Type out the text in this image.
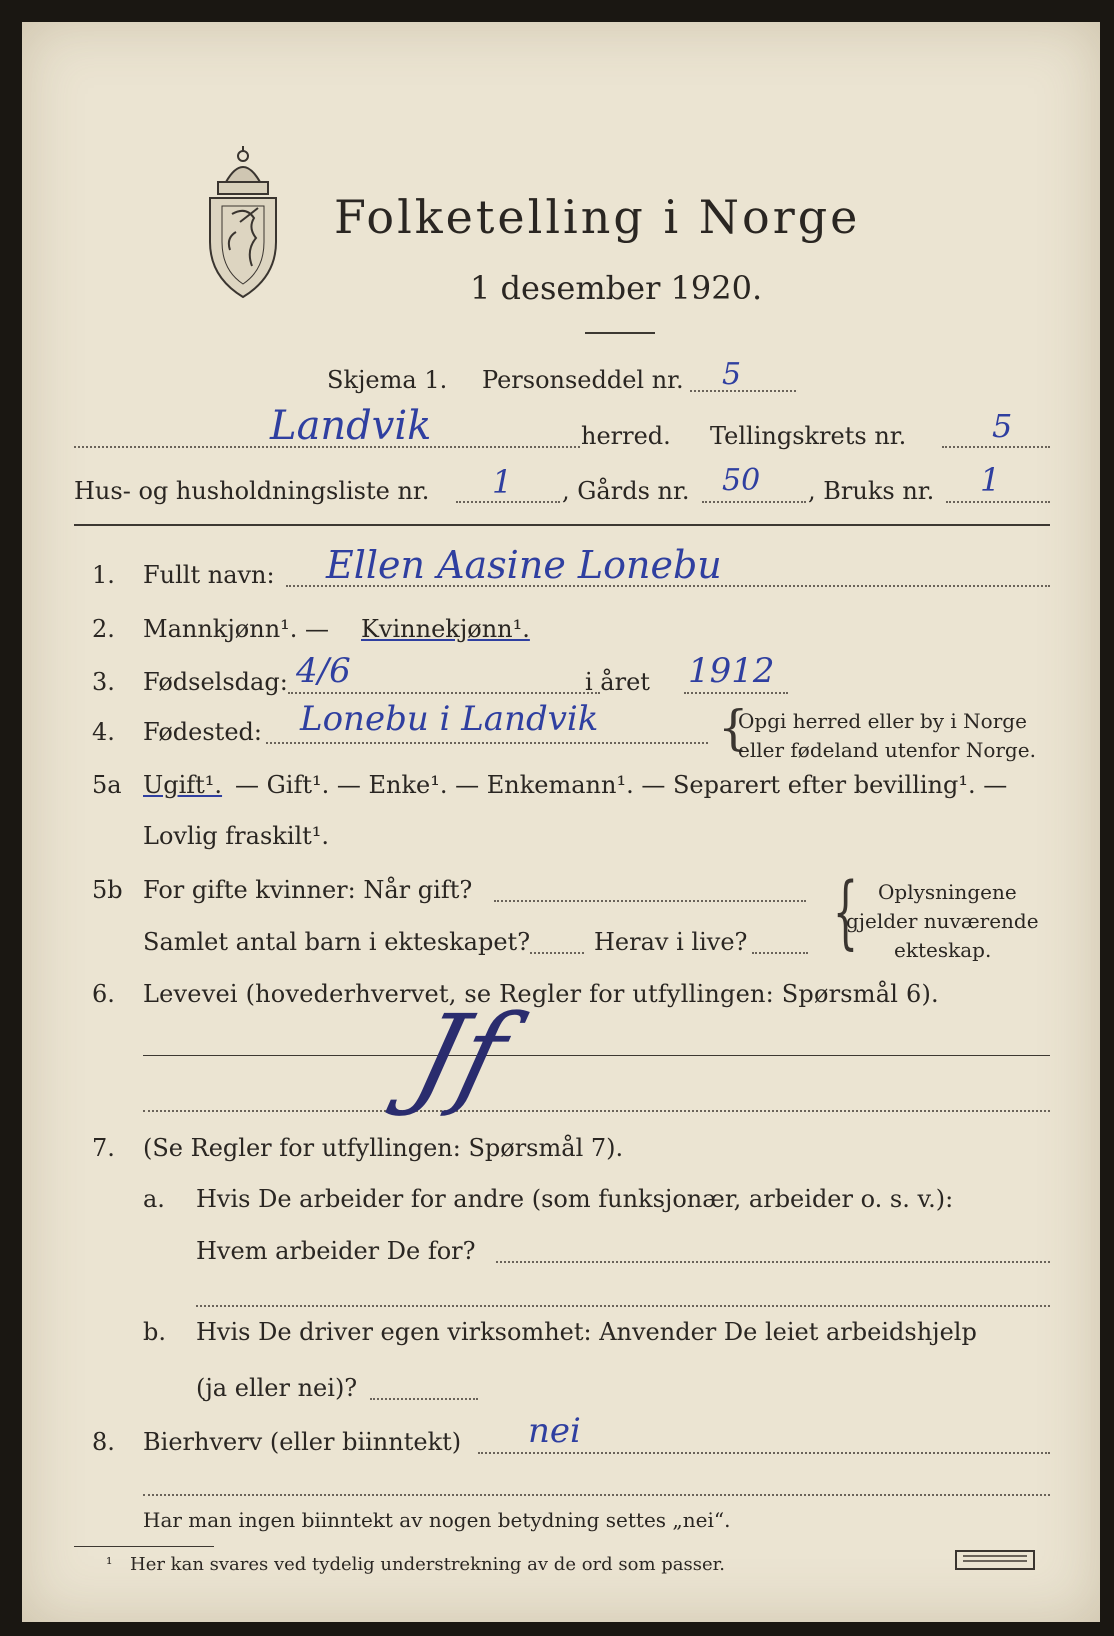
Folketelling i Norge
1 desember 1920.
Skjema 1. Personseddel nr. 5
Landvik	herred. Tellingskrets nr.	5
Hus- og husholdningsliste nr. 1 , Gårds nr. 50 , Bruks nr. 1
1. Fullt navn: Ellen Aasine Lonebu
2. Mannkjønn¹. — Kvinnekjønn¹.
3. Fødselsdag: 4/6	i året 1912
4. Fødested: Lonebu i Landvik {
Opgi herred eller by i Norge
eller fødeland utenfor Norge.
5a Ugift¹. — Gift¹. — Enke¹. — Enkemann¹. — Separert efter bevilling¹. —
Lovlig fraskilt¹.
5b For gifte kvinner: Når gift?
Samlet antal barn i ekteskapet?	Herav i live? { Oplysningene
gjelder nuværende
ekteskap.
6. Levevei (hovederhvervet, se Regler for utfyllingen: Spørsmål 6).
Jf
7. (Se Regler for utfyllingen: Spørsmål 7).
a. Hvis De arbeider for andre (som funksjonær, arbeider o. s. v.):
Hvem arbeider De for?
b. Hvis De driver egen virksomhet: Anvender De leiet arbeidshjelp
(ja eller nei)?
8. Bierhverv (eller biinntekt) nei
Har man ingen biinntekt av nogen betydning settes „nei“.
¹ Her kan svares ved tydelig understrekning av de ord som passer.
